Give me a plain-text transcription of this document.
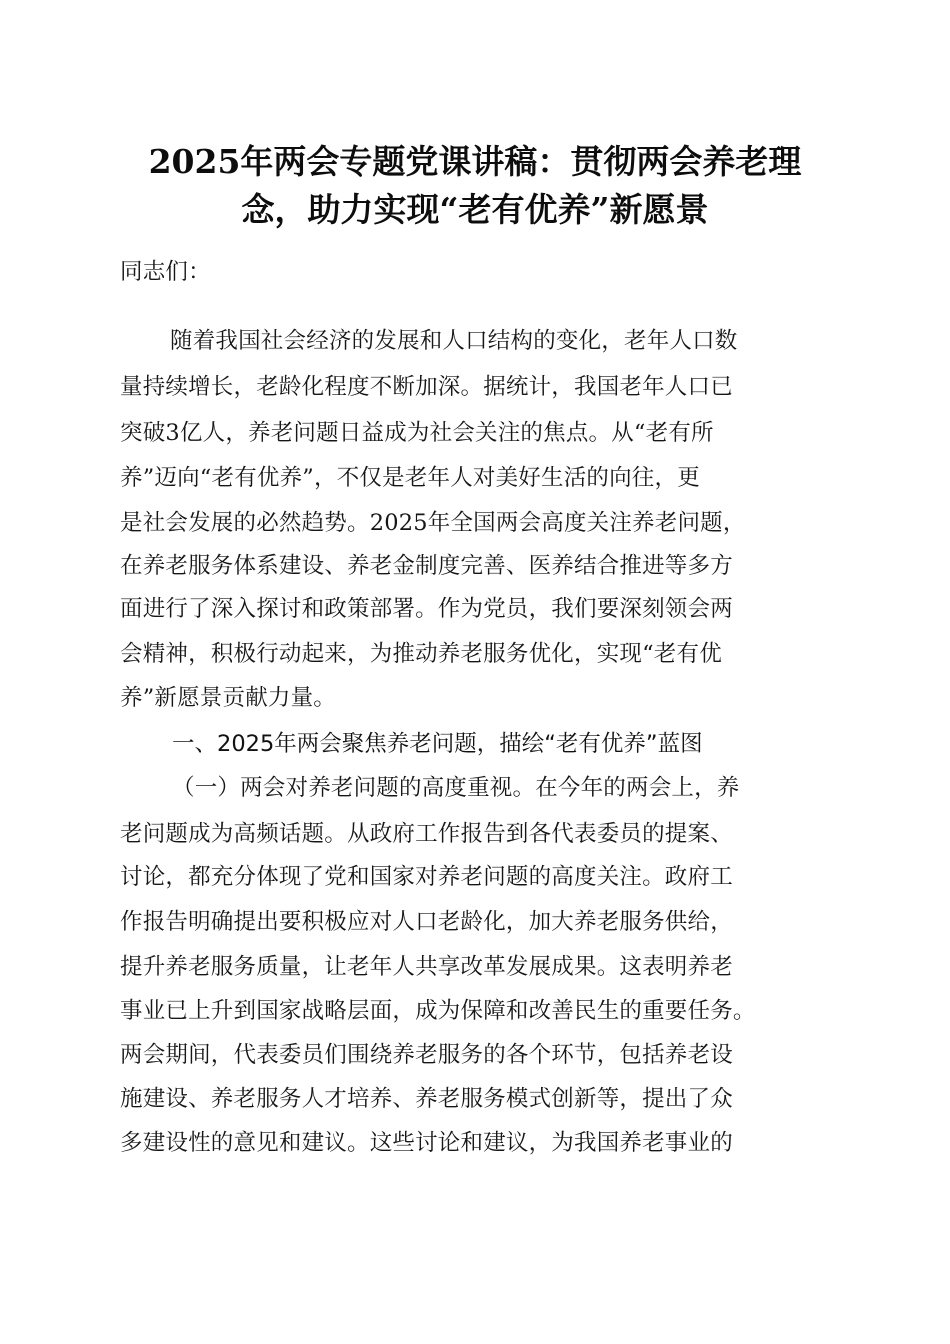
2025年两会专题党课讲稿：贯彻两会养老理
念，助力实现“老有优养”新愿景
同志们：
随着我国社会经济的发展和人口结构的变化，老年人口数
量持续增长，老龄化程度不断加深。据统计，我国老年人口已
突破3亿人，养老问题日益成为社会关注的焦点。从“老有所
养”迈向“老有优养”，不仅是老年人对美好生活的向往，更
是社会发展的必然趋势。2025年全国两会高度关注养老问题，
在养老服务体系建设、养老金制度完善、医养结合推进等多方
面进行了深入探讨和政策部署。作为党员，我们要深刻领会两
会精神，积极行动起来，为推动养老服务优化，实现“老有优
养”新愿景贡献力量。
一、2025年两会聚焦养老问题，描绘“老有优养”蓝图
（一）两会对养老问题的高度重视。在今年的两会上，养
老问题成为高频话题。从政府工作报告到各代表委员的提案、
讨论，都充分体现了党和国家对养老问题的高度关注。政府工
作报告明确提出要积极应对人口老龄化，加大养老服务供给，
提升养老服务质量，让老年人共享改革发展成果。这表明养老
事业已上升到国家战略层面，成为保障和改善民生的重要任务。
两会期间，代表委员们围绕养老服务的各个环节，包括养老设
施建设、养老服务人才培养、养老服务模式创新等，提出了众
多建设性的意见和建议。这些讨论和建议，为我国养老事业的
